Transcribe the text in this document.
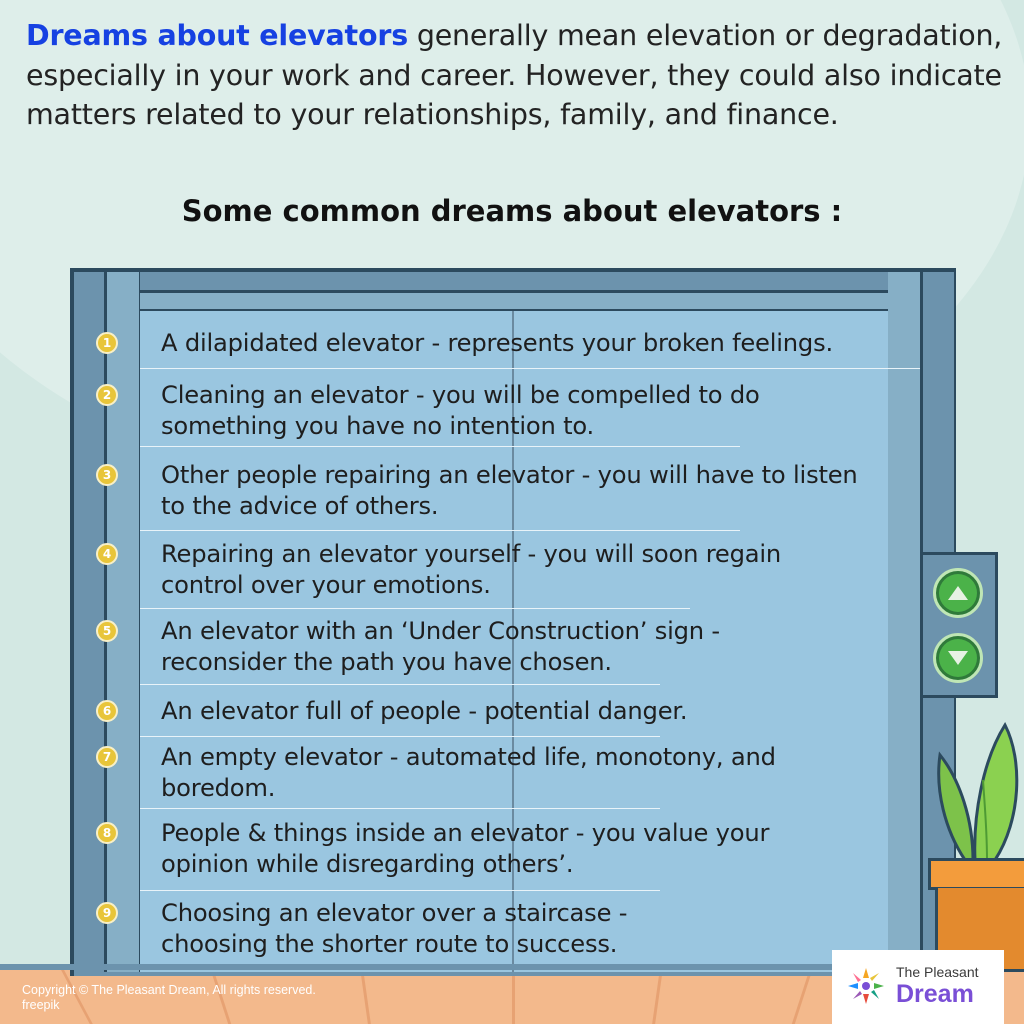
Dreams about elevators generally mean elevation or degradation, especially in your work and career. However, they could also indicate matters related to your relationships, family, and finance.

Some common dreams about elevators :
1 A dilapidated elevator - represents your broken feelings.
2 Cleaning an elevator - you will be compelled to do something you have no intention to.
3 Other people repairing an elevator - you will have to listen to the advice of others.
4 Repairing an elevator yourself - you will soon regain control over your emotions.
5 An elevator with an ‘Under Construction’ sign - reconsider the path you have chosen.
6 An elevator full of people - potential danger.
7 An empty elevator - automated life, monotony, and boredom.
8 People & things inside an elevator - you value your opinion while disregarding others’.
9 Choosing an elevator over a staircase - choosing the shorter route to success.
Copyright © The Pleasant Dream, All rights reserved.
freepik
The Pleasant
Dream
